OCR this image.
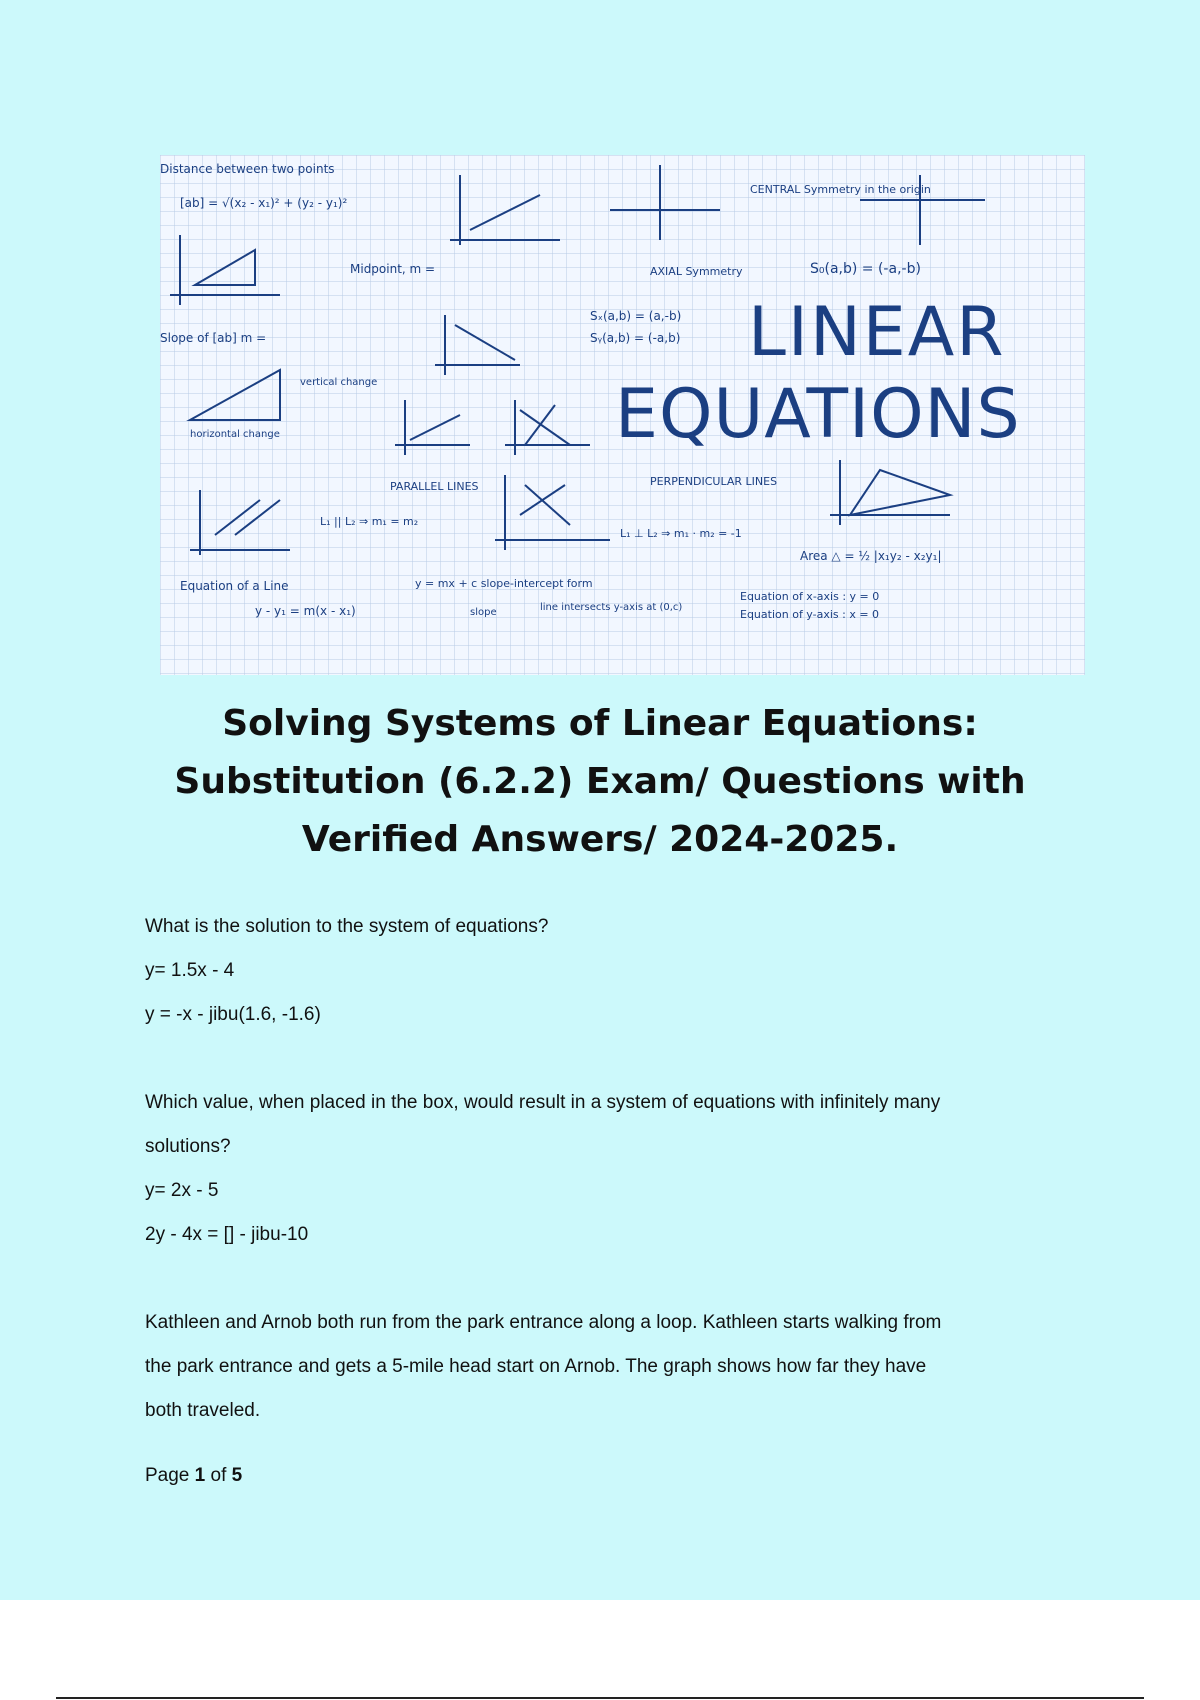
Distance between two points
[ab] = √(x₂ - x₁)² + (y₂ - y₁)²
Midpoint, m =	AXIAL Symmetry
CENTRAL Symmetry in the origin
S₀(a,b) = (-a,-b)
Sₓ(a,b) = (a,-b)
Sᵧ(a,b) = (-a,b)
Slope of [ab] m =
vertical change
horizontal change
PARALLEL LINES
L₁ || L₂ ⇒ m₁ = m₂
PERPENDICULAR LINES
L₁ ⊥ L₂ ⇒ m₁ · m₂ = -1
Equation of a Line
y - y₁ = m(x - x₁)
y = mx + c slope-intercept form
slope	line intersects y-axis at (0,c)
Area △ = ½ |x₁y₂ - x₂y₁|
Equation of x-axis : y = 0
Equation of y-axis : x = 0
LINEAR
EQUATIONS
Solving Systems of Linear Equations:
Substitution (6.2.2) Exam/ Questions with
Verified Answers/ 2024-2025.

What is the solution to the system of equations?

y= 1.5x - 4

y = -x - jibu(1.6, -1.6)

Which value, when placed in the box, would result in a system of equations with infinitely many

solutions?

y= 2x - 5

2y - 4x = [] - jibu-10

Kathleen and Arnob both run from the park entrance along a loop. Kathleen starts walking from

the park entrance and gets a 5-mile head start on Arnob. The graph shows how far they have

both traveled.

Page 1 of 5
